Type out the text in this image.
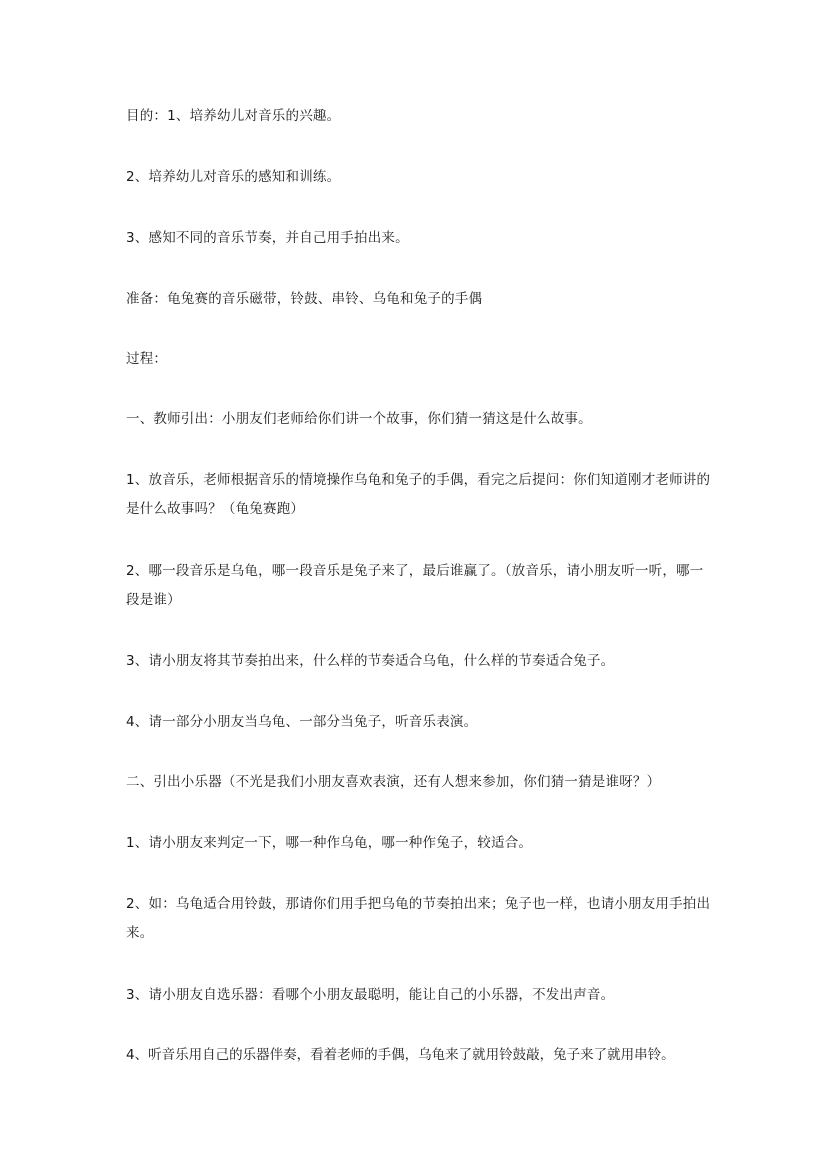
目的：1、培养幼儿对音乐的兴趣。

2、培养幼儿对音乐的感知和训练。

3、感知不同的音乐节奏，并自己用手拍出来。

准备：龟兔赛的音乐磁带，铃鼓、串铃、乌龟和兔子的手偶

过程：

一、教师引出：小朋友们老师给你们讲一个故事，你们猜一猜这是什么故事。

1、放音乐，老师根据音乐的情境操作乌龟和兔子的手偶，看完之后提问：你们知道刚才老师讲的是什么故事吗？（龟兔赛跑）

2、哪一段音乐是乌龟，哪一段音乐是兔子来了，最后谁赢了。（放音乐，请小朋友听一听，哪一段是谁）

3、请小朋友将其节奏拍出来，什么样的节奏适合乌龟，什么样的节奏适合兔子。

4、请一部分小朋友当乌龟、一部分当兔子，听音乐表演。

二、引出小乐器（不光是我们小朋友喜欢表演，还有人想来参加，你们猜一猜是谁呀？）

1、请小朋友来判定一下，哪一种作乌龟，哪一种作兔子，较适合。

2、如：乌龟适合用铃鼓，那请你们用手把乌龟的节奏拍出来；兔子也一样，也请小朋友用手拍出来。

3、请小朋友自选乐器：看哪个小朋友最聪明，能让自己的小乐器，不发出声音。

4、听音乐用自己的乐器伴奏，看着老师的手偶，乌龟来了就用铃鼓敲，兔子来了就用串铃。
